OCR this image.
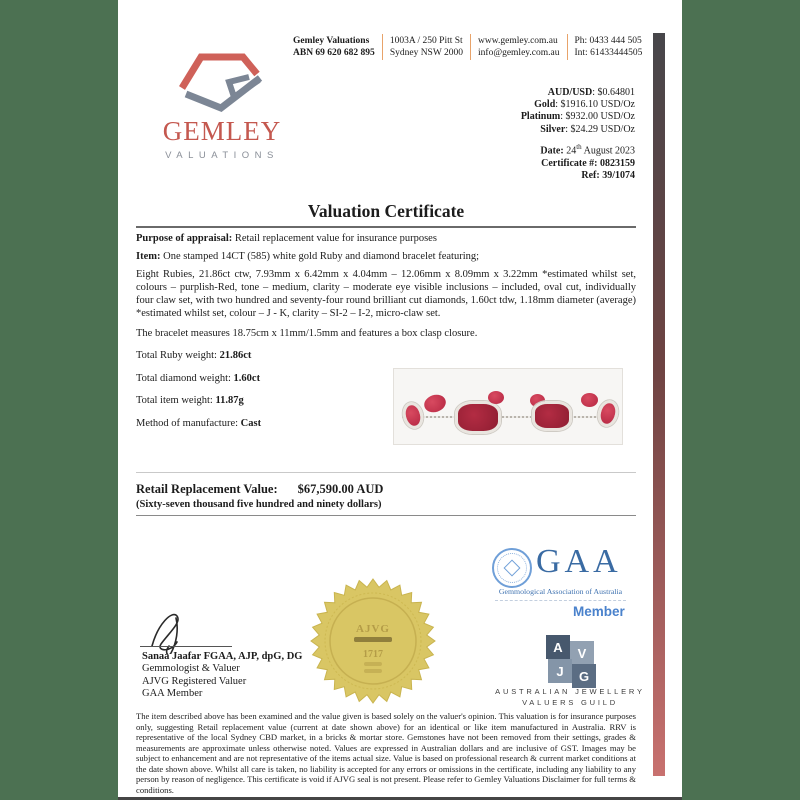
Gemley Valuations
ABN 69 620 682 895
1003A / 250 Pitt St
Sydney NSW 2000
www.gemley.com.au
info@gemley.com.au
Ph: 0433 444 505
Int: 61433444505
GEMLEY
VALUATIONS
AUD/USD: $0.64801
Gold: $1916.10 USD/Oz
Platinum: $932.00 USD/Oz
Silver: $24.29 USD/Oz
Date: 24th August 2023
Certificate #: 0823159
Ref: 39/1074
Valuation Certificate
Purpose of appraisal: Retail replacement value for insurance purposes
Item: One stamped 14CT (585) white gold Ruby and diamond bracelet featuring;
Eight Rubies, 21.86ct ctw, 7.93mm x 6.42mm x 4.04mm – 12.06mm x 8.09mm x 3.22mm *estimated whilst set, colours – purplish-Red, tone – medium, clarity – moderate eye visible inclusions – included, oval cut, individually four claw set, with two hundred and seventy-four round brilliant cut diamonds, 1.60ct tdw, 1.18mm diameter (average) *estimated whilst set, colour – J - K, clarity – SI-2 – I-2, micro-claw set.
The bracelet measures 18.75cm x 11mm/1.5mm and features a box clasp closure.
Total Ruby weight: 21.86ct
Total diamond weight: 1.60ct
Total item weight: 11.87g
Method of manufacture: Cast
Retail Replacement Value: $67,590.00 AUD
(Sixty-seven thousand five hundred and ninety dollars)
GAA
Gemmological Association of Australia
Member
A	V
J	G
AUSTRALIAN JEWELLERY
VALUERS GUILD
Sanaa Jaafar FGAA, AJP, dpG, DG
Gemmologist & Valuer
AJVG Registered Valuer
GAA Member
AJVG
1717
The item described above has been examined and the value given is based solely on the valuer's opinion. This valuation is for insurance purposes only, suggesting Retail replacement value (current at date shown above) for an identical or like item manufactured in Australia. RRV is representative of the local Sydney CBD market, in a bricks & mortar store. Gemstones have not been removed from their settings, grades & measurements are approximate unless otherwise noted. Values are expressed in Australian dollars and are inclusive of GST. Images may be subject to enhancement and are not representative of the items actual size. Value is based on professional research & current market conditions at the date shown above. Whilst all care is taken, no liability is accepted for any errors or omissions in the certificate, including any liability to any person by reason of negligence. This certificate is void if AJVG seal is not present. Please refer to Gemley Valuations Disclaimer for full terms & conditions.
